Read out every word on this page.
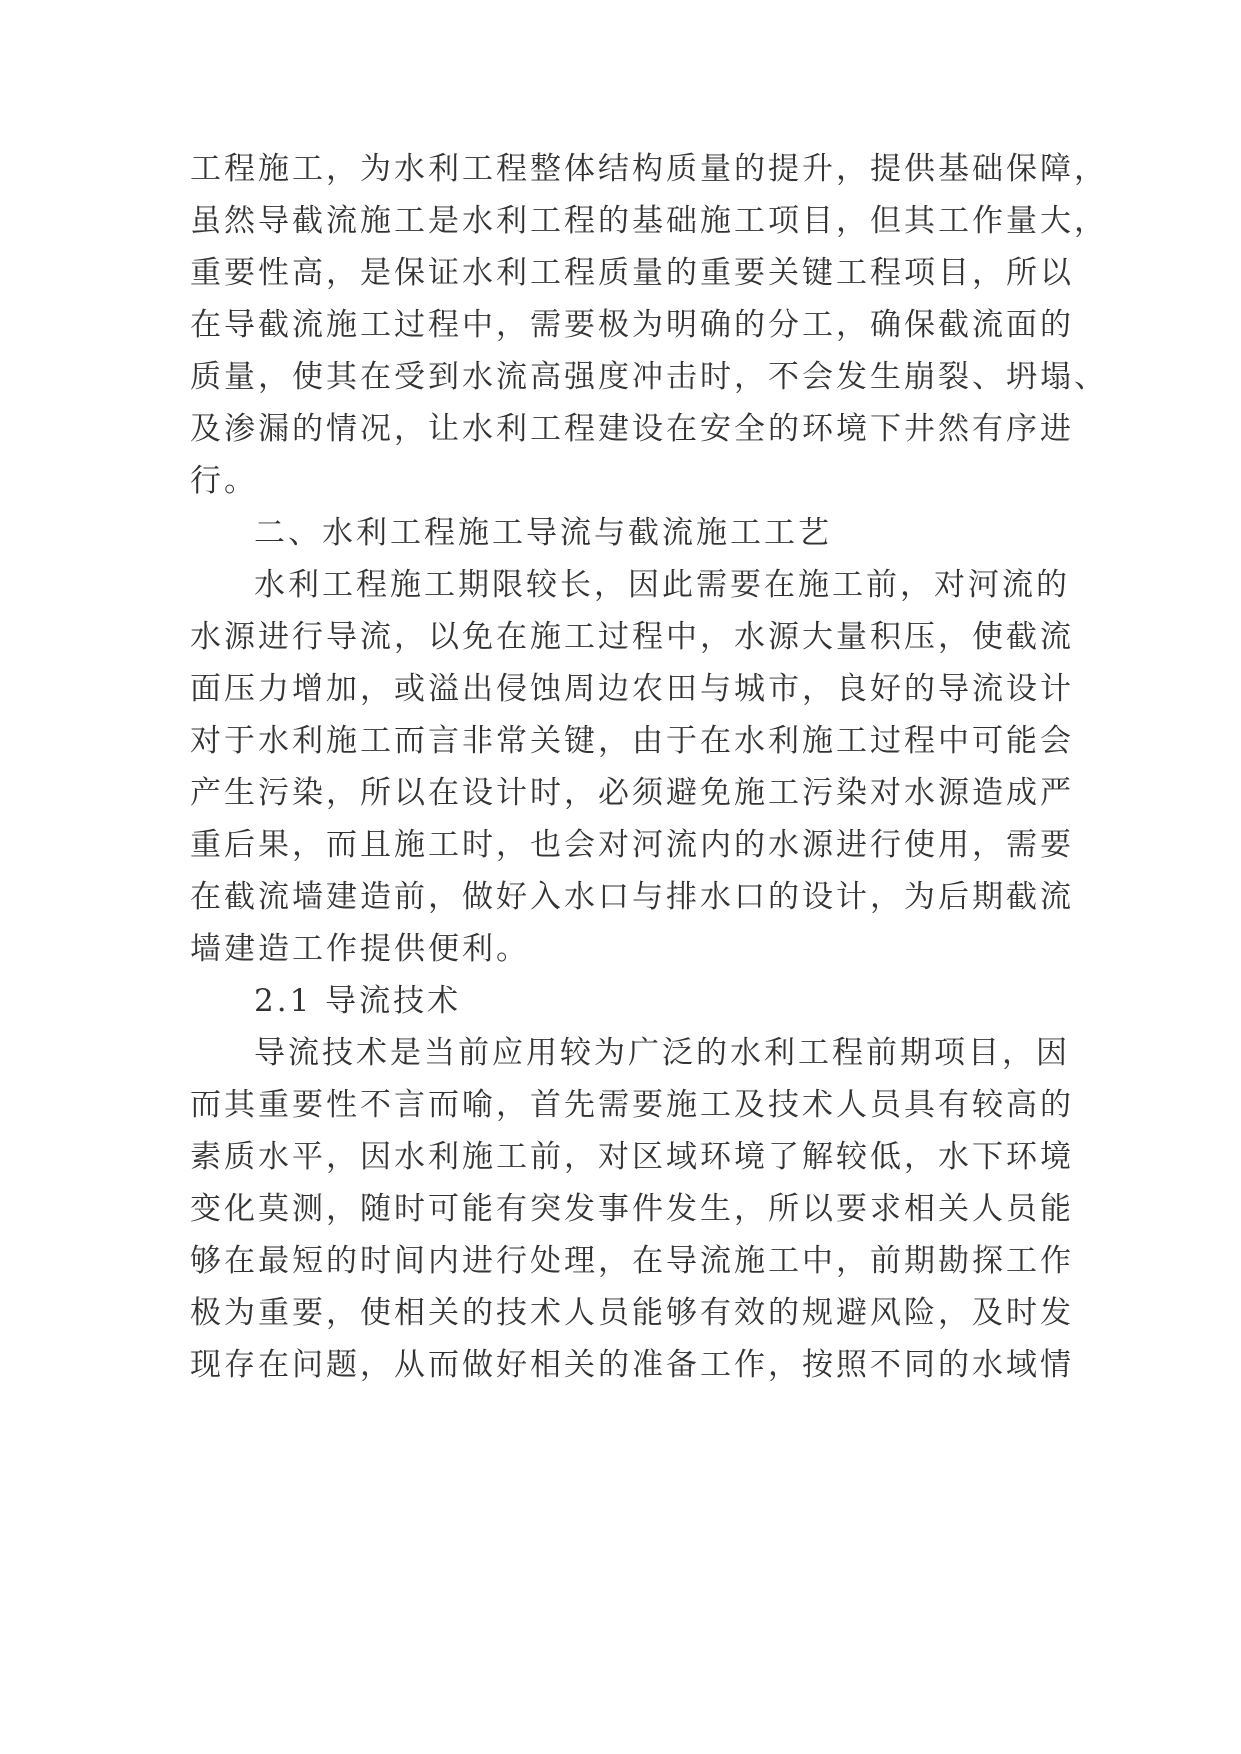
工程施工，为水利工程整体结构质量的提升，提供基础保障，

虽然导截流施工是水利工程的基础施工项目，但其工作量大，

重要性高，是保证水利工程质量的重要关键工程项目，所以

在导截流施工过程中，需要极为明确的分工，确保截流面的

质量，使其在受到水流高强度冲击时，不会发生崩裂、坍塌、

及渗漏的情况，让水利工程建设在安全的环境下井然有序进

行。

二、水利工程施工导流与截流施工工艺

水利工程施工期限较长，因此需要在施工前，对河流的

水源进行导流，以免在施工过程中，水源大量积压，使截流

面压力增加，或溢出侵蚀周边农田与城市，良好的导流设计

对于水利施工而言非常关键，由于在水利施工过程中可能会

产生污染，所以在设计时，必须避免施工污染对水源造成严

重后果，而且施工时，也会对河流内的水源进行使用，需要

在截流墙建造前，做好入水口与排水口的设计，为后期截流

墙建造工作提供便利。

2.1 导流技术

导流技术是当前应用较为广泛的水利工程前期项目，因

而其重要性不言而喻，首先需要施工及技术人员具有较高的

素质水平，因水利施工前，对区域环境了解较低，水下环境

变化莫测，随时可能有突发事件发生，所以要求相关人员能

够在最短的时间内进行处理，在导流施工中，前期勘探工作

极为重要，使相关的技术人员能够有效的规避风险，及时发

现存在问题，从而做好相关的准备工作，按照不同的水域情
